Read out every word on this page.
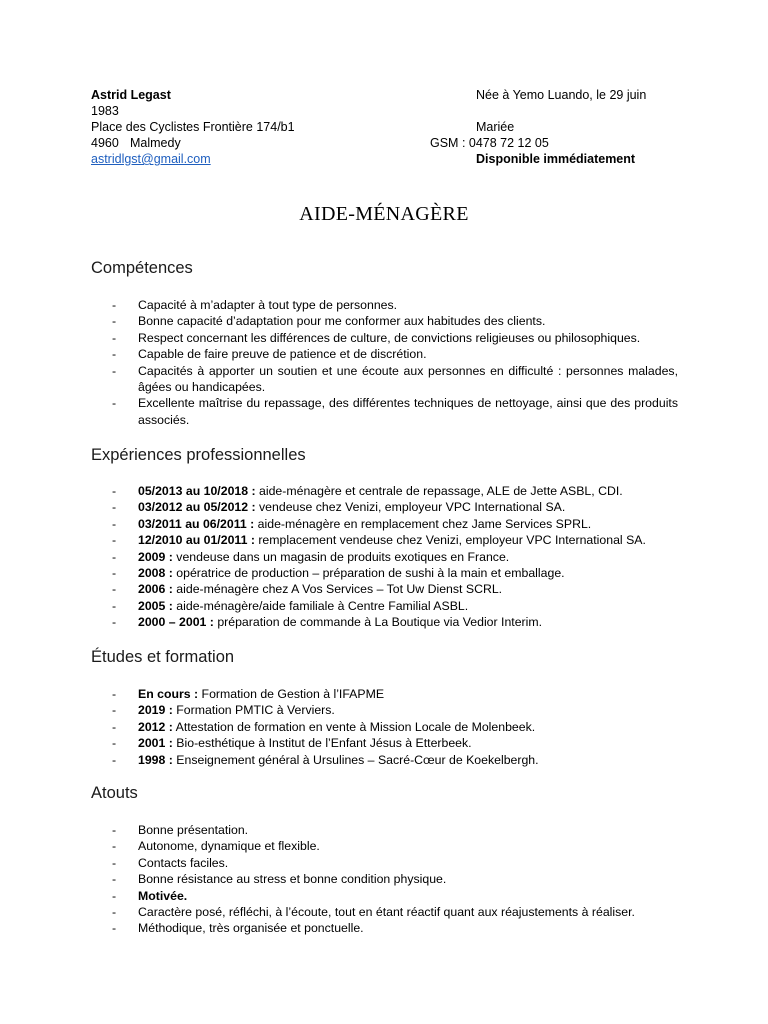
Astrid Legast	Née à Yemo Luando, le 29 juin
1983
Place des Cyclistes Frontière 174/b1	Mariée
4960 Malmedy	GSM : 0478 72 12 05
astridlgst@gmail.com	Disponible immédiatement
AIDE-MÉNAGÈRE
Compétences
- Capacité à m’adapter à tout type de personnes.
- Bonne capacité d’adaptation pour me conformer aux habitudes des clients.
- Respect concernant les différences de culture, de convictions religieuses ou philosophiques.
- Capable de faire preuve de patience et de discrétion.
- Capacités à apporter un soutien et une écoute aux personnes en difficulté : personnes malades, âgées ou handicapées.
- Excellente maîtrise du repassage, des différentes techniques de nettoyage, ainsi que des produits associés.
Expériences professionnelles
- 05/2013 au 10/2018 : aide-ménagère et centrale de repassage, ALE de Jette ASBL, CDI.
- 03/2012 au 05/2012 : vendeuse chez Venizi, employeur VPC International SA.
- 03/2011 au 06/2011 : aide-ménagère en remplacement chez Jame Services SPRL.
- 12/2010 au 01/2011 : remplacement vendeuse chez Venizi, employeur VPC International SA.
- 2009 : vendeuse dans un magasin de produits exotiques en France.
- 2008 : opératrice de production – préparation de sushi à la main et emballage.
- 2006 : aide-ménagère chez A Vos Services – Tot Uw Dienst SCRL.
- 2005 : aide-ménagère/aide familiale à Centre Familial ASBL.
- 2000 – 2001 : préparation de commande à La Boutique via Vedior Interim.
Études et formation
- En cours : Formation de Gestion à l’IFAPME
- 2019 : Formation PMTIC à Verviers.
- 2012 : Attestation de formation en vente à Mission Locale de Molenbeek.
- 2001 : Bio-esthétique à Institut de l’Enfant Jésus à Etterbeek.
- 1998 : Enseignement général à Ursulines – Sacré-Cœur de Koekelbergh.
Atouts
- Bonne présentation.
- Autonome, dynamique et flexible.
- Contacts faciles.
- Bonne résistance au stress et bonne condition physique.
- Motivée.
- Caractère posé, réfléchi, à l’écoute, tout en étant réactif quant aux réajustements à réaliser.
- Méthodique, très organisée et ponctuelle.
